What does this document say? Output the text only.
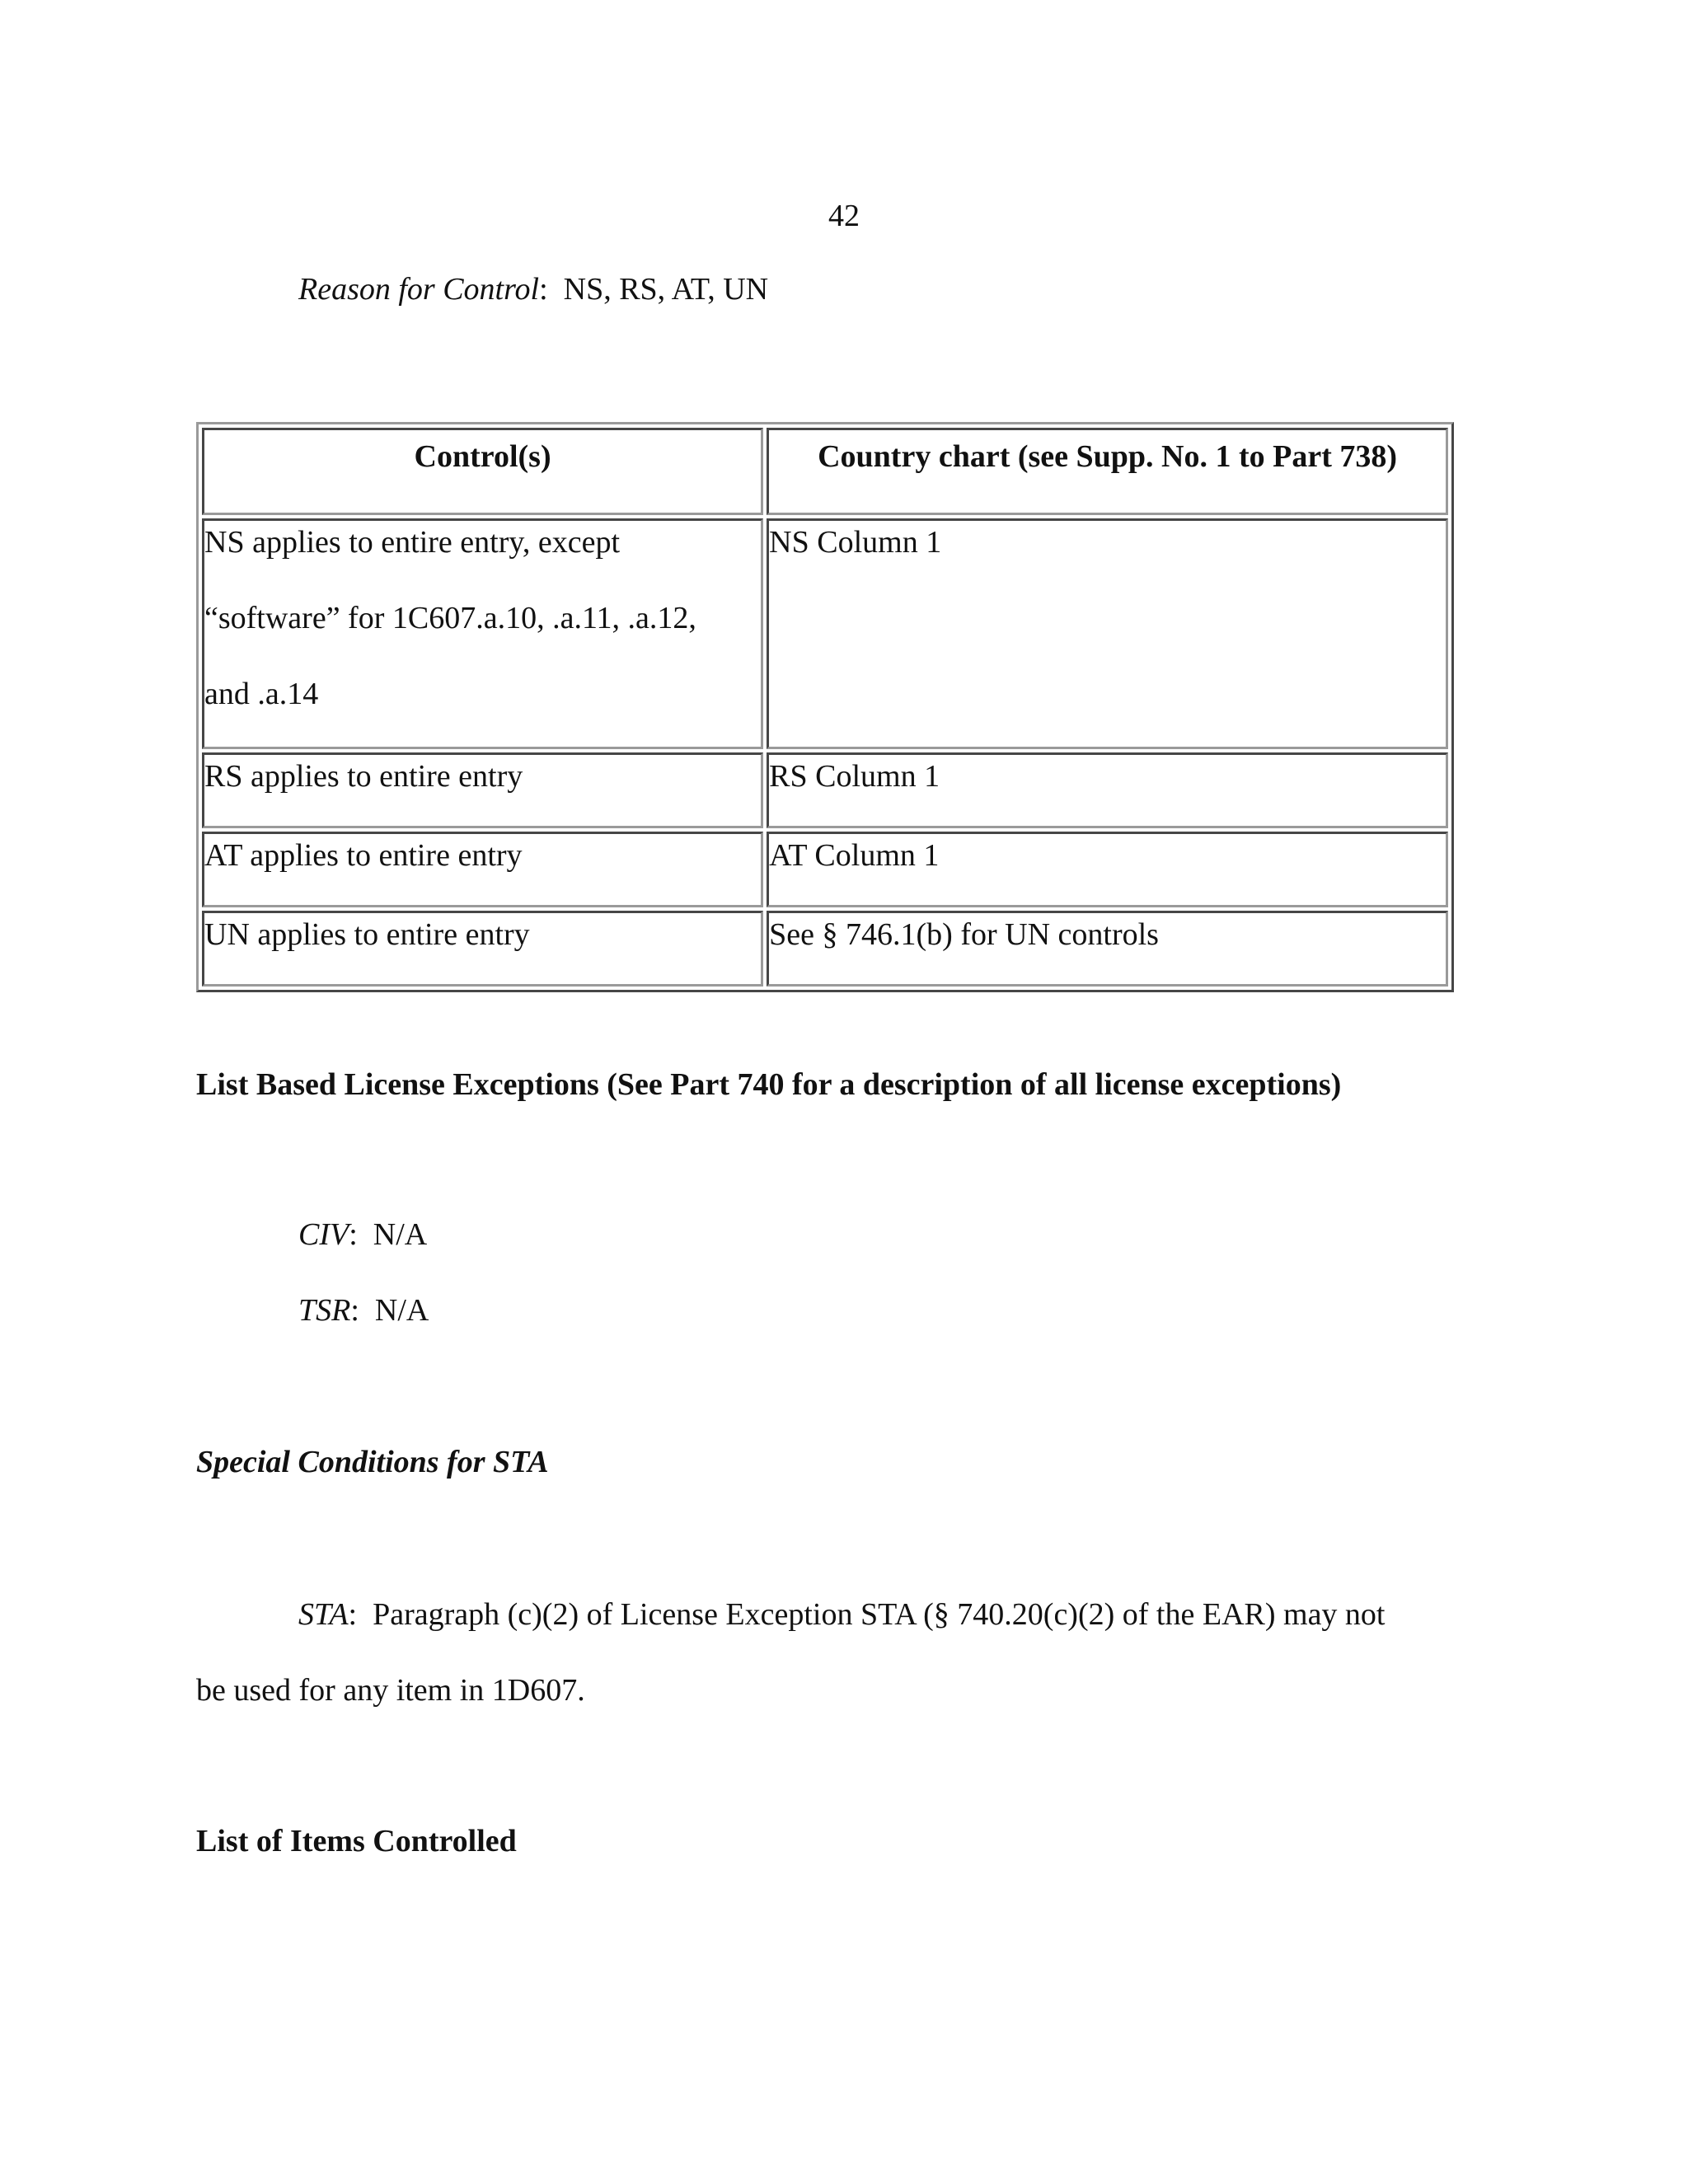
42
Reason for Control: NS, RS, AT, UN
Control(s)	Country chart (see Supp. No. 1 to Part 738)

NS applies to entire entry, except
“software” for 1C607.a.10, .a.11, .a.12,
and .a.14	NS Column 1
RS applies to entire entry	RS Column 1
AT applies to entire entry	AT Column 1
UN applies to entire entry	See § 746.1(b) for UN controls
List Based License Exceptions (See Part 740 for a description of all license exceptions)
CIV: N/A
TSR: N/A
Special Conditions for STA
STA: Paragraph (c)(2) of License Exception STA (§ 740.20(c)(2) of the EAR) may not
be used for any item in 1D607.
List of Items Controlled
